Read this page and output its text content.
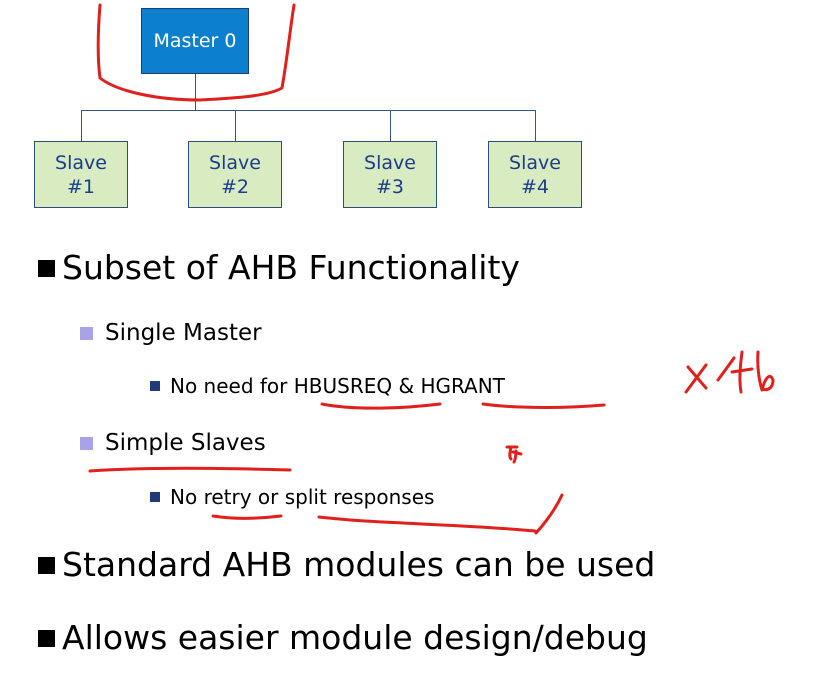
Master 0
Slave
#1
Slave
#2
Slave
#3
Slave
#4
Subset of AHB Functionality
Single Master
No need for HBUSREQ & HGRANT
Simple Slaves
No retry or split responses
Standard AHB modules can be used
Allows easier module design/debug
